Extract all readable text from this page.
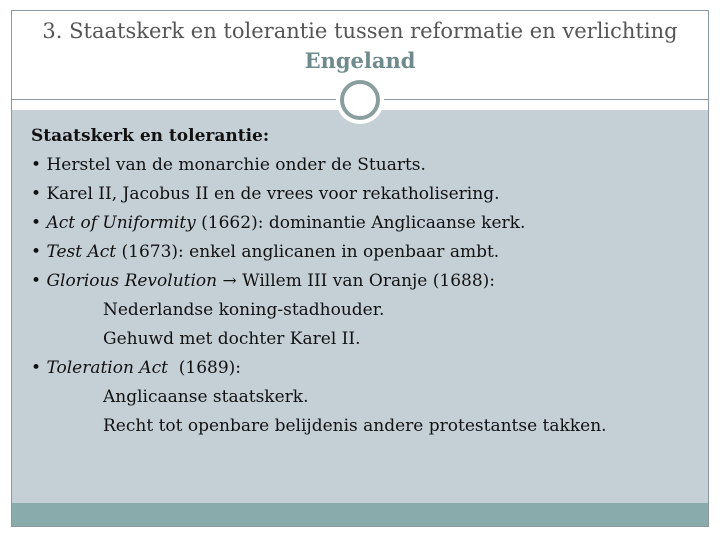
3. Staatskerk en tolerantie tussen reformatie en verlichting
Engeland
Staatskerk en tolerantie:
• Herstel van de monarchie onder de Stuarts.
• Karel II, Jacobus II en de vrees voor rekatholisering.
• Act of Uniformity (1662): dominantie Anglicaanse kerk.
• Test Act (1673): enkel anglicanen in openbaar ambt.
• Glorious Revolution → Willem III van Oranje (1688):
Nederlandse koning-stadhouder.
Gehuwd met dochter Karel II.
• Toleration Act  (1689):
Anglicaanse staatskerk.
Recht tot openbare belijdenis andere protestantse takken.
